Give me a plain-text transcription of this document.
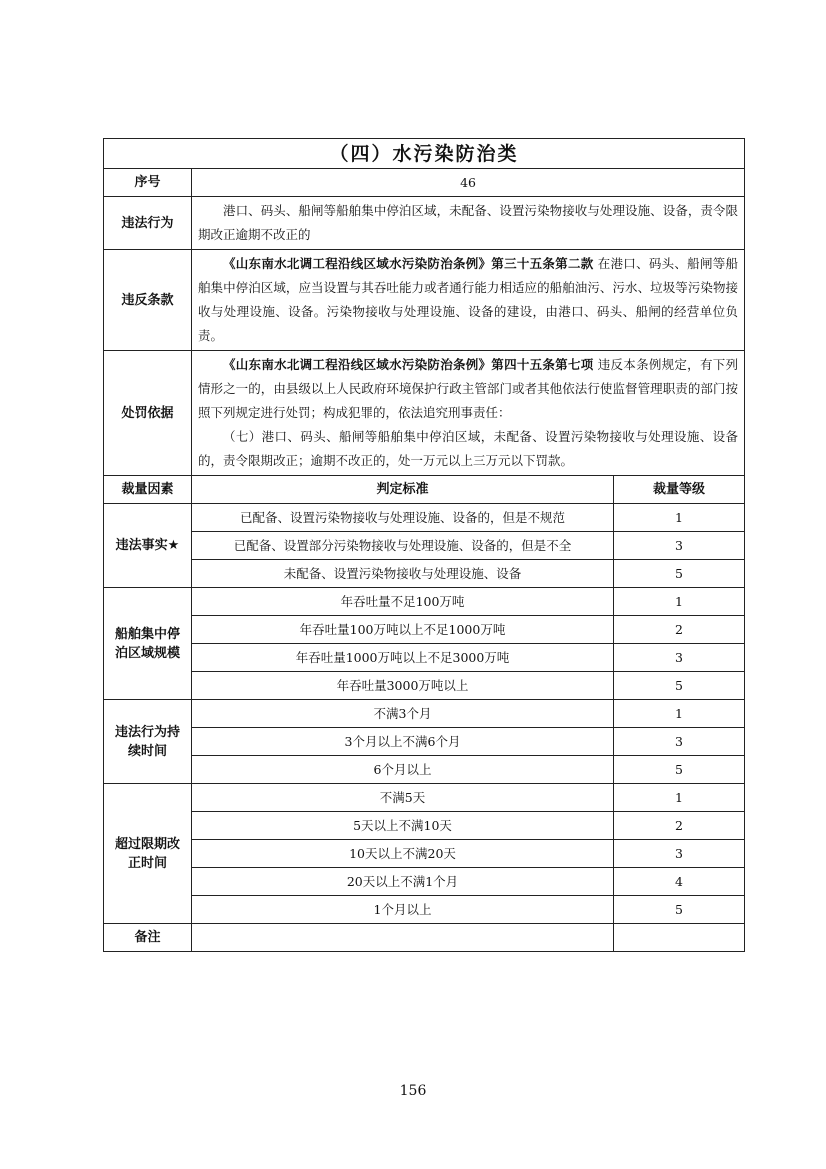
（四）水污染防治类		
序号	46	
违法行为	港口、码头、船闸等船舶集中停泊区域，未配备、设置污染物接收与处理设施、设备，责令限期改正逾期不改正的	
违反条款	《山东南水北调工程沿线区域水污染防治条例》第三十五条第二款 在港口、码头、船闸等船舶集中停泊区域，应当设置与其吞吐能力或者通行能力相适应的船舶油污、污水、垃圾等污染物接收与处理设施、设备。污染物接收与处理设施、设备的建设，由港口、码头、船闸的经营单位负责。	
处罚依据	《山东南水北调工程沿线区域水污染防治条例》第四十五条第七项 违反本条例规定，有下列情形之一的，由县级以上人民政府环境保护行政主管部门或者其他依法行使监督管理职责的部门按照下列规定进行处罚；构成犯罪的，依法追究刑事责任：
（七）港口、码头、船闸等船舶集中停泊区域，未配备、设置污染物接收与处理设施、设备的，责令限期改正；逾期不改正的，处一万元以上三万元以下罚款。	

裁量因素	判定标准	裁量等级
违法事实★	已配备、设置污染物接收与处理设施、设备的，但是不规范	1
	已配备、设置部分污染物接收与处理设施、设备的，但是不全	3
	未配备、设置污染物接收与处理设施、设备	5
船舶集中停泊区域规模	年吞吐量不足100万吨	1
	年吞吐量100万吨以上不足1000万吨	2
	年吞吐量1000万吨以上不足3000万吨	3
	年吞吐量3000万吨以上	5
违法行为持续时间	不满3个月	1
	3个月以上不满6个月	3
	6个月以上	5
超过限期改正时间	不满5天	1
	5天以上不满10天	2
	10天以上不满20天	3
	20天以上不满1个月	4
	1个月以上	5
备注		
156
